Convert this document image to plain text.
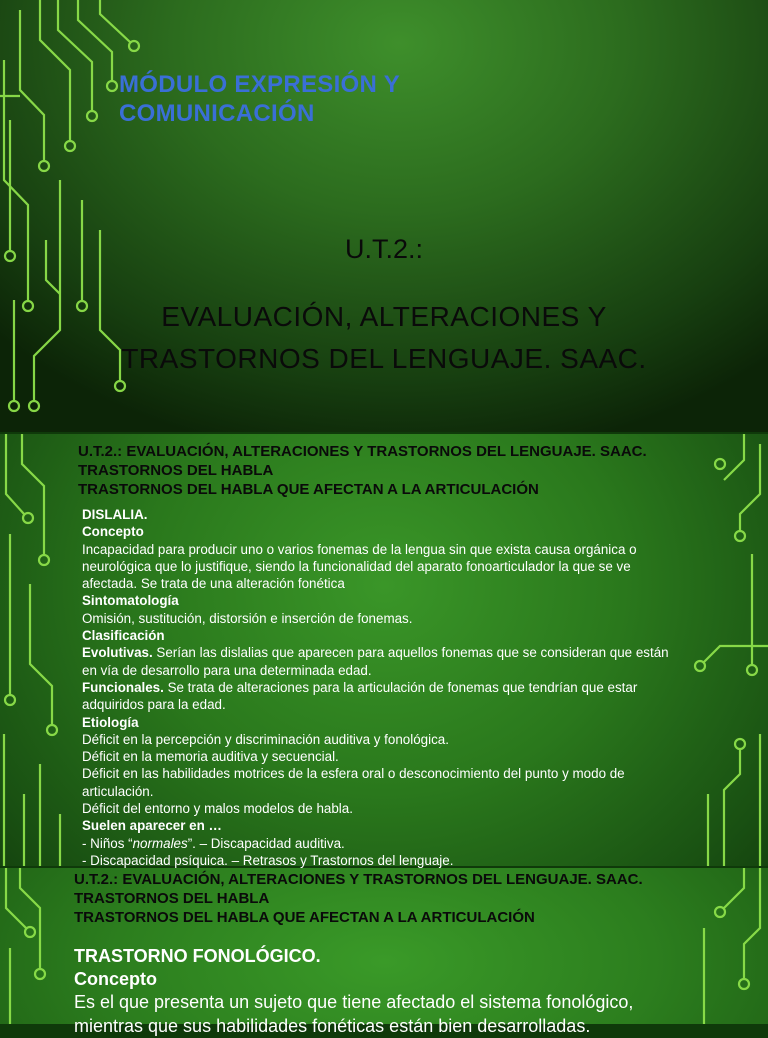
MÓDULO EXPRESIÓN Y COMUNICACIÓN
U.T.2.:
EVALUACIÓN, ALTERACIONES Y
TRASTORNOS DEL LENGUAJE. SAAC.
U.T.2.: EVALUACIÓN, ALTERACIONES Y TRASTORNOS DEL LENGUAJE. SAAC.
TRASTORNOS DEL HABLA
TRASTORNOS DEL HABLA QUE AFECTAN A LA ARTICULACIÓN
DISLALIA.
Concepto
Incapacidad para producir uno o varios fonemas de la lengua sin que exista causa orgánica o neurológica que lo justifique, siendo la funcionalidad del aparato fonoarticulador la que se ve afectada. Se trata de una alteración fonética
Sintomatología
Omisión, sustitución, distorsión e inserción de fonemas.
Clasificación
Evolutivas. Serían las dislalias que aparecen para aquellos fonemas que se consideran que están en vía de desarrollo para una determinada edad.
Funcionales. Se trata de alteraciones para la articulación de fonemas que tendrían que estar adquiridos para la edad.
Etiología
Déficit en la percepción y discriminación auditiva y fonológica.
Déficit en la memoria auditiva y secuencial.
Déficit en las habilidades motrices de la esfera oral o desconocimiento del punto y modo de articulación.
Déficit del entorno y malos modelos de habla.
Suelen aparecer en …
- Niños “normales”. – Discapacidad auditiva.
- Discapacidad psíquica. – Retrasos y Trastornos del lenguaje.
U.T.2.: EVALUACIÓN, ALTERACIONES Y TRASTORNOS DEL LENGUAJE. SAAC.
TRASTORNOS DEL HABLA
TRASTORNOS DEL HABLA QUE AFECTAN A LA ARTICULACIÓN
TRASTORNO FONOLÓGICO.
Concepto
Es el que presenta un sujeto que tiene afectado el sistema fonológico, mientras que sus habilidades fonéticas están bien desarrolladas.
